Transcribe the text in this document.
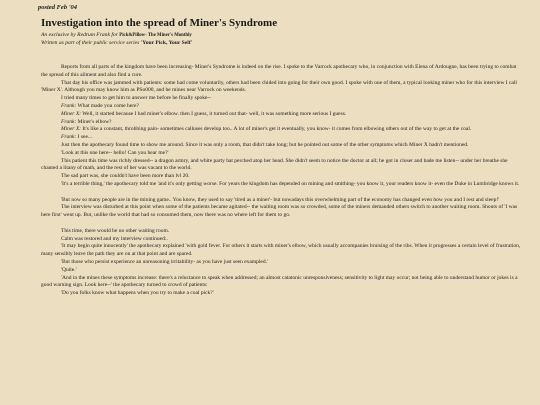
posted Feb '04
Investigation into the spread of Miner's Syndrome
An exclusive by Redrum Frank for Pick&Pillow- The Miner's Monthly
Written as part of their public service series 'Your Pick, Your Self'

Reports from all parts of the kingdom have been increasing- Miner's Syndrome is indeed on the rise. I spoke to the Varrock apothecary who, in conjunction with Elena of Ardougne, has been trying to combat the spread of this ailment and also find a cure.

That day his office was jammed with patients: some had come voluntarily, others had been chided into going for their own good. I spoke with one of them, a typical looking miner who for this interview I call 'Miner X'. Although you may know him as PSo000, and he mines near Varrock on weekends.

I tried many times to get him to answer me before he finally spoke--

Frank: What made you come here?

Miner X: Well, it started because I had miner's elbow. then I guess, it turned out that- well, it was something more serious I guess.

Frank: Miner's elbow?

Miner X: It's like a constant, throbbing pain- sometimes calluses develop too.. A lot of miner's get it eventually, you know- it comes from elbowing others out of the way to get at the coal.

Frank: I see...

Just then the apothecary found time to show me around. Since it was only a room, that didn't take long; but he pointed out some of the other symptoms which Miner X hadn't mentioned.

'Look at this one here-- hello! Can you hear me?'

This patient this time was richly dressed-- a dragon armry, and white party hat perched atop her head. She didn't seem to notice the doctor at all; he got in closer and bade me listen-- under her breathe she chanted a litany of math, and the rest of her was vacant to the world.

The sad part was, she couldn't have been more than lvl 20.

'It's a terrible thing,' the apothecary told me 'and it's only getting worse. For years the kingdom has depended on mining and smithing- you know it, your readers know it- even the Duke in Lumbridge knows it.

'But now so many people are in the mining game.. You know, they used to say 'tired as a miner'- but nowadays this overwhelming part of the economy has changed even how you and I rest and sleep!'

The interview was disturbed at this point when some of the patients became agitated-- the waiting room was so crowded, some of the miners demanded others switch to another waiting room. Shouts of 'I was here first' went up. But, unlike the world that had so consumed them, now there was no where left for them to go.

This time, there would be no other waiting room.

Calm was restored and my interview continued:.

'It may begin quite innocently' the apothecary explained 'with gold fever. For others it starts with miner's elbow, which usually accompanies bruising of the ribs. When it progresses a certain level of frustration, many sensibly leave the path they are on at that point and are spared.

'But those who persist experience an unreasoning irritability- as you have just seen exampled.'

'Quite.'

'And in the mines these symptoms increase: there's a reluctance to speak when addressed; an almost catatonic unresponsiveness; sensitivity to light may occur; not being able to understand humor or jokes is a good warning sign. Look here--' the apothecary turned to crowd of patients:

'Do you folks know what happens when you try to make a coal pick?'
